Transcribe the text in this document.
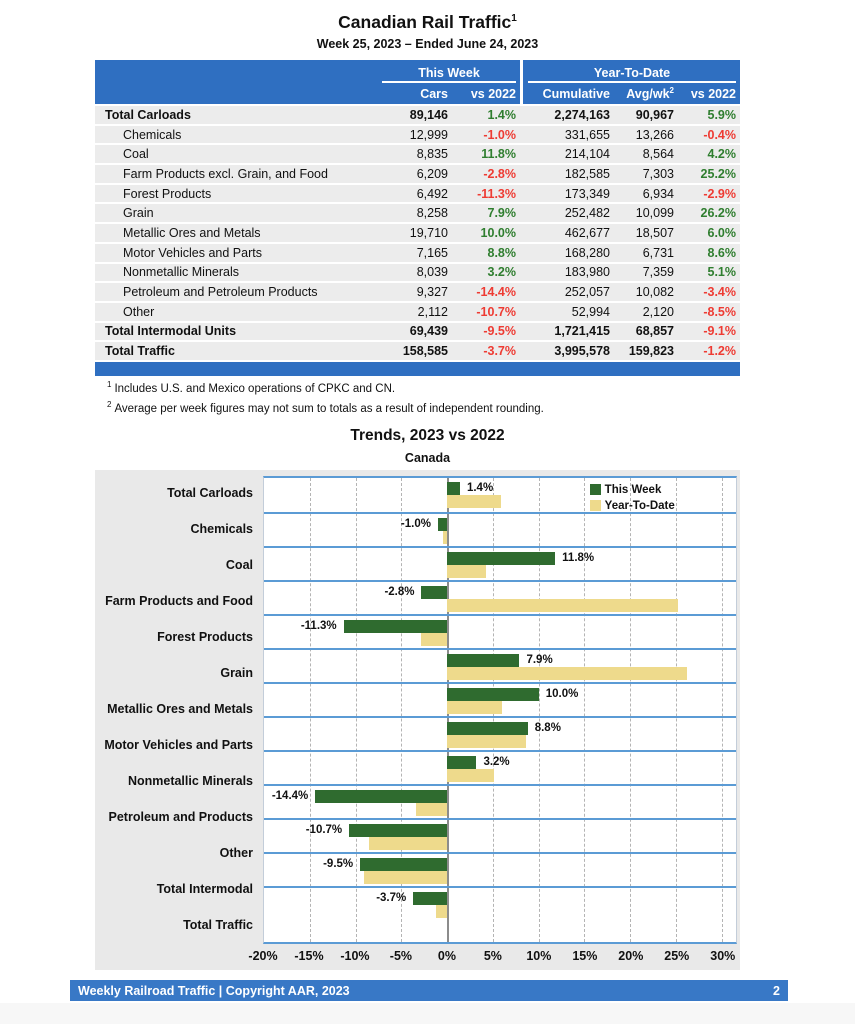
Canadian Rail Traffic$^1$
Week 25, 2023 – Ended June 24, 2023
This Week	Year-To-Date
Cars	vs 2022	Cumulative	Avg/$wk^2$	vs 2022
Total Carloads	89,146	1.4%	2,274,163	90,967	5.9%
Chemicals	12,999	-1.0%	331,655	13,266	-0.4%
Coal	8,835	11.8%	214,104	8,564	4.2%
Farm Products excl. Grain, and Food	6,209	-2.8%	182,585	7,303	25.2%
Forest Products	6,492	-11.3%	173,349	6,934	-2.9%
Grain	8,258	7.9%	252,482	10,099	26.2%
Metallic Ores and Metals	19,710	10.0%	462,677	18,507	6.0%
Motor Vehicles and Parts	7,165	8.8%	168,280	6,731	8.6%
Nonmetallic Minerals	8,039	3.2%	183,980	7,359	5.1%
Petroleum and Petroleum Products	9,327	-14.4%	252,057	10,082	-3.4%
Other	2,112	-10.7%	52,994	2,120	-8.5%
Total Intermodal Units	69,439	-9.5%	1,721,415	68,857	-9.1%
Total Traffic	158,585	-3.7%	3,995,578	159,823	-1.2%
$^1$ Includes U.S. and Mexico operations of CPKC and CN.
$^2$ Average per week figures may not sum to totals as a result of independent rounding.
Trends, 2023 vs 2022
Canada
Total Carloads
Chemicals
Coal
Farm Products and Food
Forest Products
Grain
Metallic Ores and Metals
Motor Vehicles and Parts
Nonmetallic Minerals
Petroleum and Products
Other
Total Intermodal
Total Traffic
This Week
Year-To-Date
1.4%
-1.0%
11.8%
-2.8%
-11.3%
7.9%
10.0%
8.8%
3.2%
-14.4%
-10.7%
-9.5%
-3.7%
-20% -15% -10% -5% 0% 5% 10% 15% 20% 25% 30%
Weekly Railroad Traffic | Copyright AAR, 2023	2
